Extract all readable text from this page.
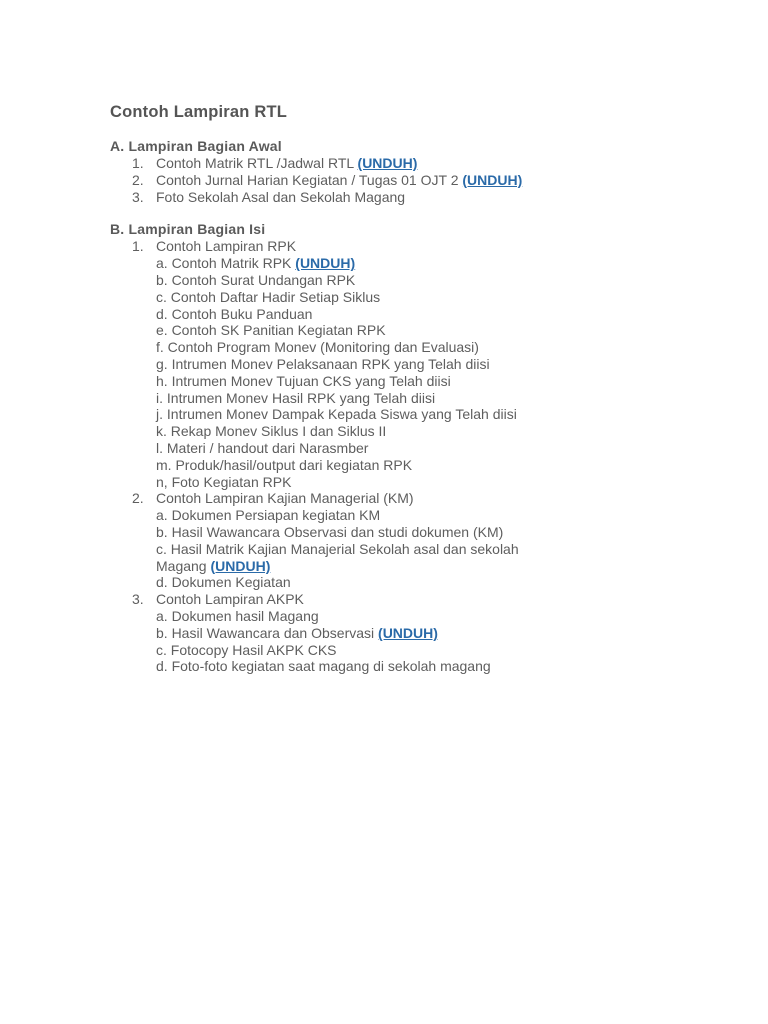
Contoh Lampiran RTL
A. Lampiran Bagian Awal
1. Contoh Matrik RTL /Jadwal RTL (UNDUH)
2. Contoh Jurnal Harian Kegiatan / Tugas 01 OJT 2 (UNDUH)
3. Foto Sekolah Asal dan Sekolah Magang
B. Lampiran Bagian Isi
1. Contoh Lampiran RPK
a. Contoh Matrik RPK (UNDUH)
b. Contoh Surat Undangan RPK
c. Contoh Daftar Hadir Setiap Siklus
d. Contoh Buku Panduan
e. Contoh SK Panitian Kegiatan RPK
f. Contoh Program Monev (Monitoring dan Evaluasi)
g. Intrumen Monev Pelaksanaan RPK yang Telah diisi
h. Intrumen Monev Tujuan CKS yang Telah diisi
i. Intrumen Monev Hasil RPK yang Telah diisi
j. Intrumen Monev Dampak Kepada Siswa yang Telah diisi
k. Rekap Monev Siklus I dan Siklus II
l. Materi / handout dari Narasmber
m. Produk/hasil/output dari kegiatan RPK
n, Foto Kegiatan RPK
2. Contoh Lampiran Kajian Managerial (KM)
a. Dokumen Persiapan kegiatan KM
b. Hasil Wawancara Observasi dan studi dokumen (KM)
c. Hasil Matrik Kajian Manajerial Sekolah asal dan sekolah
Magang (UNDUH)
d. Dokumen Kegiatan
3. Contoh Lampiran AKPK
a. Dokumen hasil Magang
b. Hasil Wawancara dan Observasi (UNDUH)
c. Fotocopy Hasil AKPK CKS
d. Foto-foto kegiatan saat magang di sekolah magang
